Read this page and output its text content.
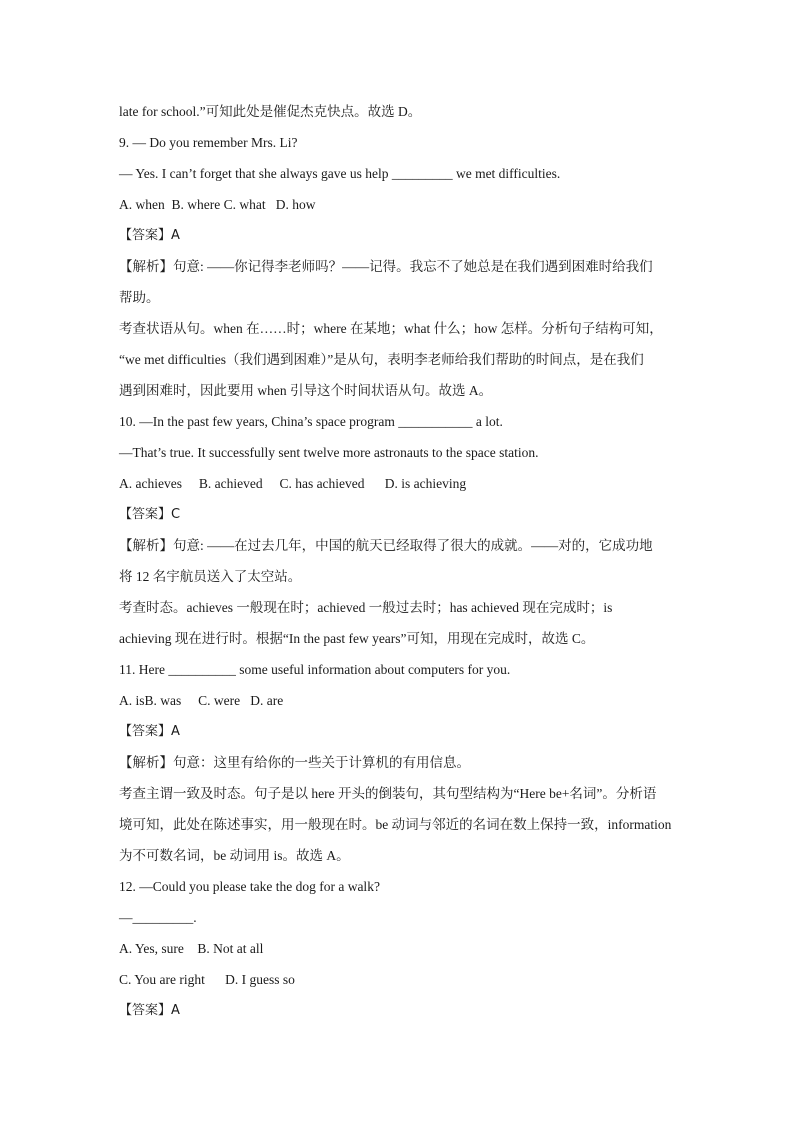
late for school.”可知此处是催促杰克快点。故选 D。
9. — Do you remember Mrs. Li?
— Yes. I can’t forget that she always gave us help _________ we met difficulties.
A. when  B. where C. what   D. how
【答案】A
【解析】句意: ——你记得李老师吗？——记得。我忘不了她总是在我们遇到困难时给我们
帮助。
考查状语从句。when 在……时；where 在某地；what 什么；how 怎样。分析句子结构可知，
“we met difficulties（我们遇到困难）”是从句，表明李老师给我们帮助的时间点，是在我们
遇到困难时，因此要用 when 引导这个时间状语从句。故选 A。
10. —In the past few years, China’s space program ___________ a lot.
—That’s true. It successfully sent twelve more astronauts to the space station.
A. achieves     B. achieved     C. has achieved      D. is achieving
【答案】C
【解析】句意: ——在过去几年，中国的航天已经取得了很大的成就。——对的，它成功地
将 12 名宇航员送入了太空站。
考查时态。achieves 一般现在时；achieved 一般过去时；has achieved 现在完成时；is
achieving 现在进行时。根据“In the past few years”可知，用现在完成时，故选 C。
11. Here __________ some useful information about computers for you.
A. isB. was     C. were   D. are
【答案】A
【解析】句意：这里有给你的一些关于计算机的有用信息。
考查主谓一致及时态。句子是以 here 开头的倒装句，其句型结构为“Here be+名词”。分析语
境可知，此处在陈述事实，用一般现在时。be 动词与邻近的名词在数上保持一致，information
为不可数名词，be 动词用 is。故选 A。
12. —Could you please take the dog for a walk?
—_________.
A. Yes, sure    B. Not at all
C. You are right      D. I guess so
【答案】A
